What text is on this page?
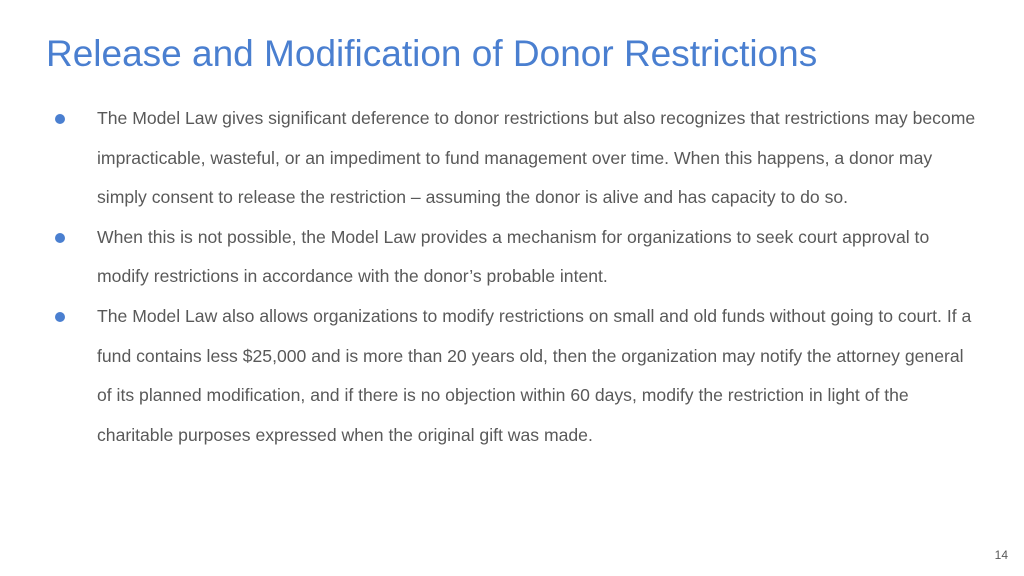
Release and Modification of Donor Restrictions
The Model Law gives significant deference to donor restrictions but also recognizes that restrictions may become impracticable, wasteful, or an impediment to fund management over time. When this happens, a donor may simply consent to release the restriction – assuming the donor is alive and has capacity to do so.
When this is not possible, the Model Law provides a mechanism for organizations to seek court approval to modify restrictions in accordance with the donor’s probable intent.
The Model Law also allows organizations to modify restrictions on small and old funds without going to court. If a fund contains less $25,000 and is more than 20 years old, then the organization may notify the attorney general of its planned modification, and if there is no objection within 60 days, modify the restriction in light of the charitable purposes expressed when the original gift was made.
14
